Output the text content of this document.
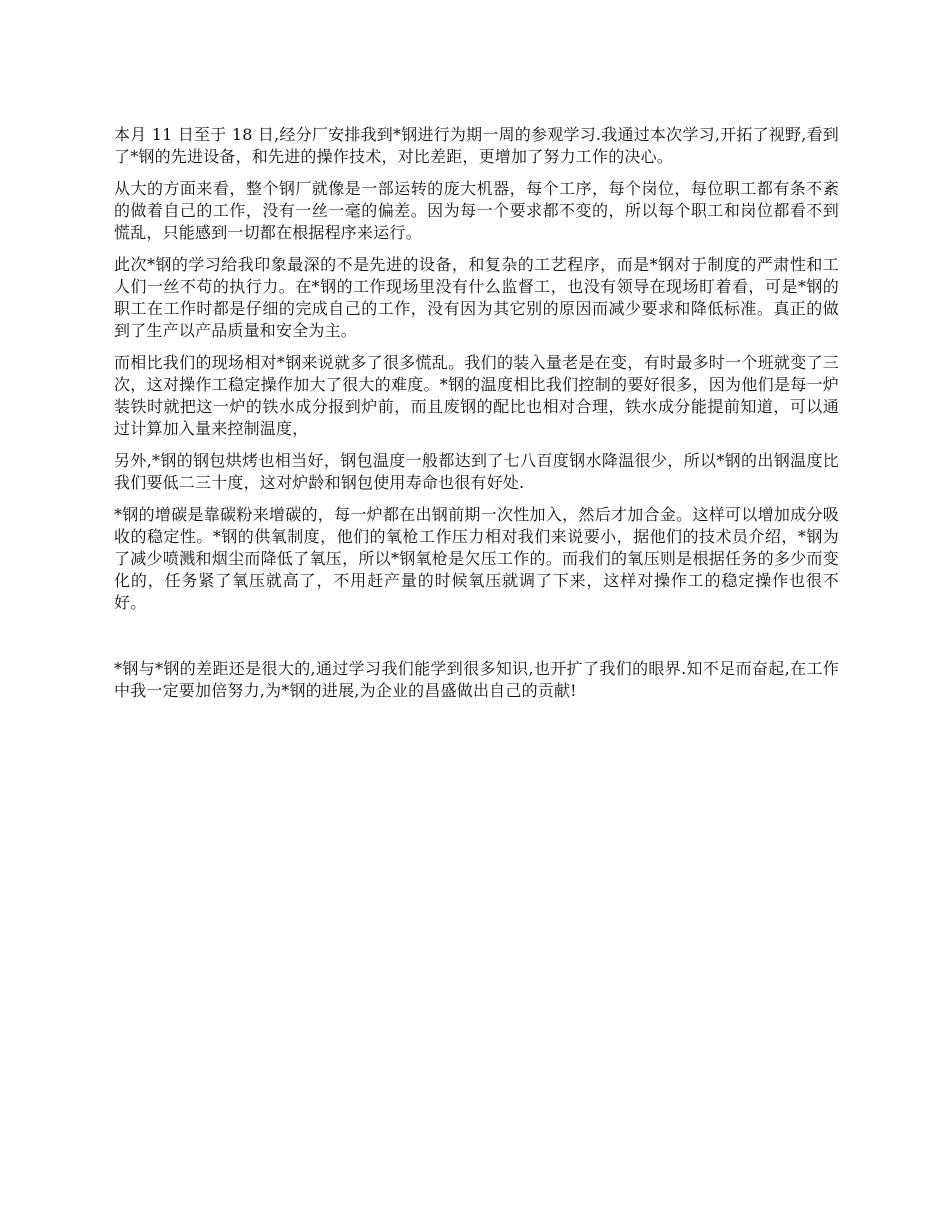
本月 11 日至于 18 日,经分厂安排我到*钢进行为期一周的参观学习.我通过本次学习,开拓了视野,看到了*钢的先进设备，和先进的操作技术，对比差距，更增加了努力工作的决心。

从大的方面来看，整个钢厂就像是一部运转的庞大机器，每个工序，每个岗位，每位职工都有条不紊的做着自己的工作，没有一丝一毫的偏差。因为每一个要求都不变的，所以每个职工和岗位都看不到慌乱，只能感到一切都在根据程序来运行。

此次*钢的学习给我印象最深的不是先进的设备，和复杂的工艺程序，而是*钢对于制度的严肃性和工人们一丝不苟的执行力。在*钢的工作现场里没有什么监督工，也没有领导在现场盯着看，可是*钢的职工在工作时都是仔细的完成自己的工作，没有因为其它别的原因而减少要求和降低标准。真正的做到了生产以产品质量和安全为主。

而相比我们的现场相对*钢来说就多了很多慌乱。我们的装入量老是在变，有时最多时一个班就变了三次，这对操作工稳定操作加大了很大的难度。*钢的温度相比我们控制的要好很多，因为他们是每一炉装铁时就把这一炉的铁水成分报到炉前，而且废钢的配比也相对合理，铁水成分能提前知道，可以通过计算加入量来控制温度，

另外,*钢的钢包烘烤也相当好，钢包温度一般都达到了七八百度钢水降温很少，所以*钢的出钢温度比我们要低二三十度，这对炉龄和钢包使用寿命也很有好处.

*钢的增碳是靠碳粉来增碳的，每一炉都在出钢前期一次性加入，然后才加合金。这样可以增加成分吸收的稳定性。*钢的供氧制度，他们的氧枪工作压力相对我们来说要小，据他们的技术员介绍，*钢为了减少喷溅和烟尘而降低了氧压，所以*钢氧枪是欠压工作的。而我们的氧压则是根据任务的多少而变化的，任务紧了氧压就高了，不用赶产量的时候氧压就调了下来，这样对操作工的稳定操作也很不好。

*钢与*钢的差距还是很大的,通过学习我们能学到很多知识,也开扩了我们的眼界.知不足而奋起,在工作中我一定要加倍努力,为*钢的进展,为企业的昌盛做出自己的贡献!
